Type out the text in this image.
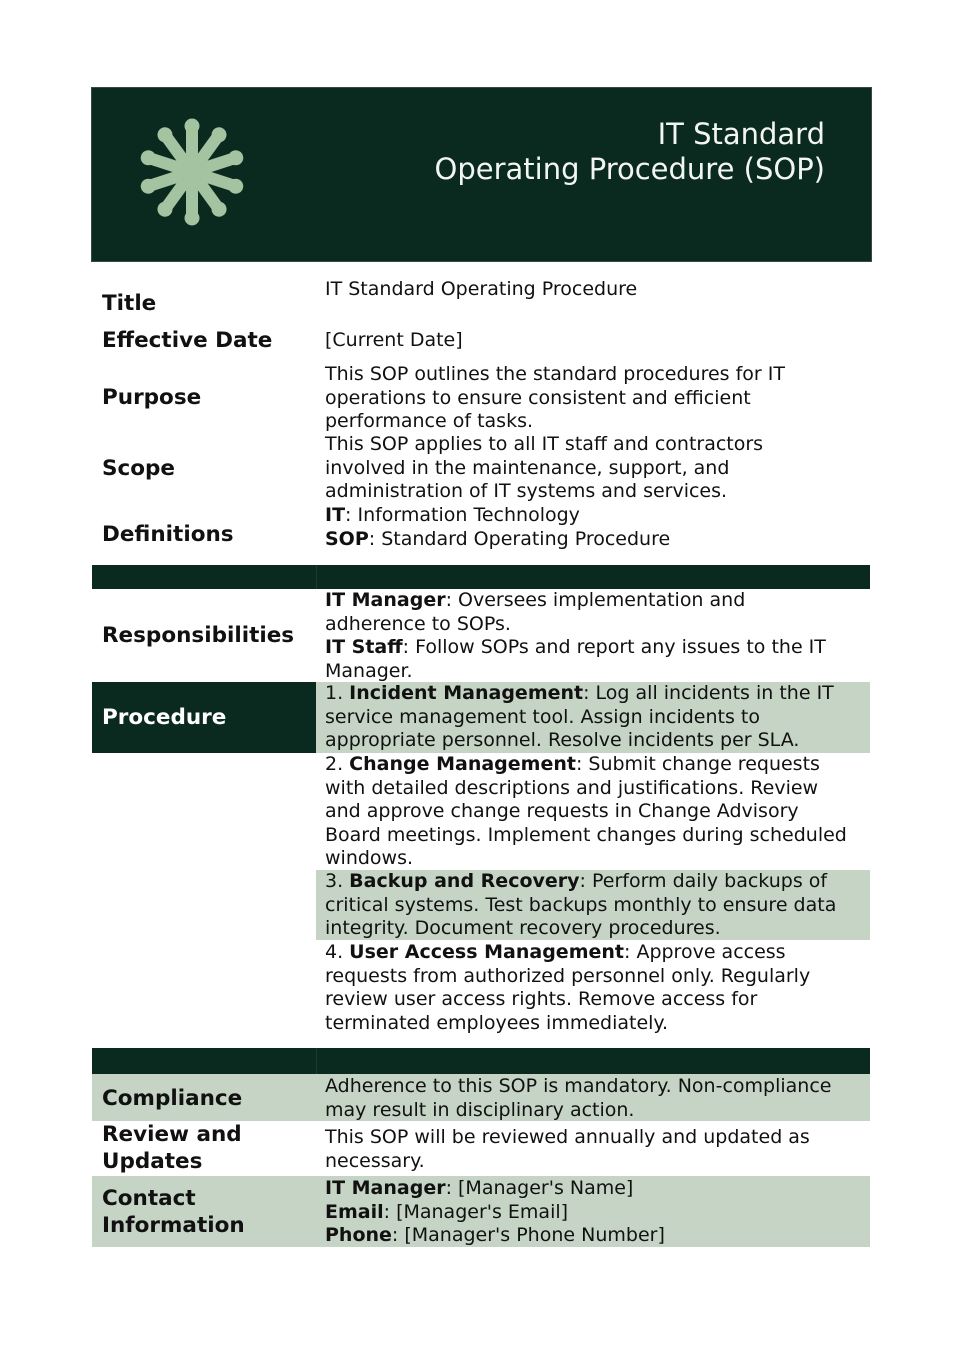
IT Standard
Operating Procedure (SOP)
Title
IT Standard Operating Procedure
Effective Date	[Current Date]
Purpose
This SOP outlines the standard procedures for IT
operations to ensure consistent and efficient
performance of tasks.
Scope
This SOP applies to all IT staff and contractors
involved in the maintenance, support, and
administration of IT systems and services.
Definitions
IT: Information Technology
SOP: Standard Operating Procedure
Responsibilities
IT Manager: Oversees implementation and
adherence to SOPs.
IT Staff: Follow SOPs and report any issues to the IT
Manager.
Procedure
1. Incident Management: Log all incidents in the IT
service management tool. Assign incidents to
appropriate personnel. Resolve incidents per SLA.
2. Change Management: Submit change requests
with detailed descriptions and justifications. Review
and approve change requests in Change Advisory
Board meetings. Implement changes during scheduled
windows.
3. Backup and Recovery: Perform daily backups of
critical systems. Test backups monthly to ensure data
integrity. Document recovery procedures.
4. User Access Management: Approve access
requests from authorized personnel only. Regularly
review user access rights. Remove access for
terminated employees immediately.
Compliance	Adherence to this SOP is mandatory. Non-compliance
may result in disciplinary action.
Review and
Updates
This SOP will be reviewed annually and updated as
necessary.
Contact
Information
IT Manager: [Manager's Name]
Email: [Manager's Email]
Phone: [Manager's Phone Number]
